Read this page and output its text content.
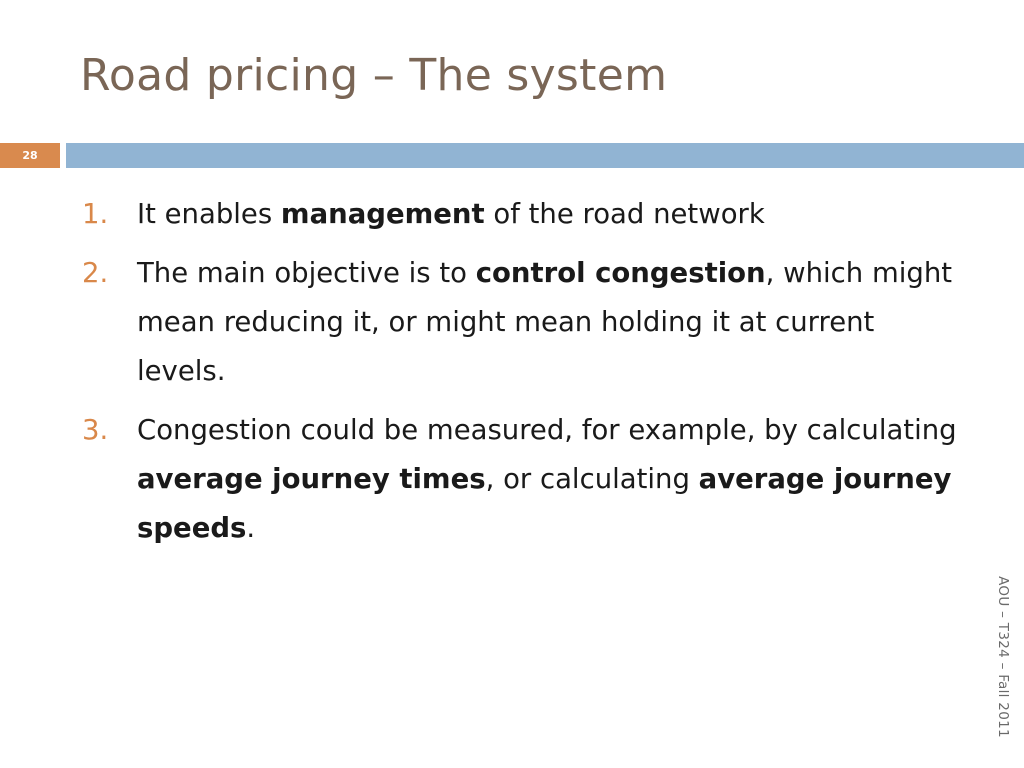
Road pricing – The system
28
1.	It enables management of the road network
2.	The main objective is to control congestion, which might mean reducing it, or might mean holding it at current levels.
3.	Congestion could be measured, for example, by calculating average journey times, or calculating average journey speeds.
AOU – T324 – Fall 2011
